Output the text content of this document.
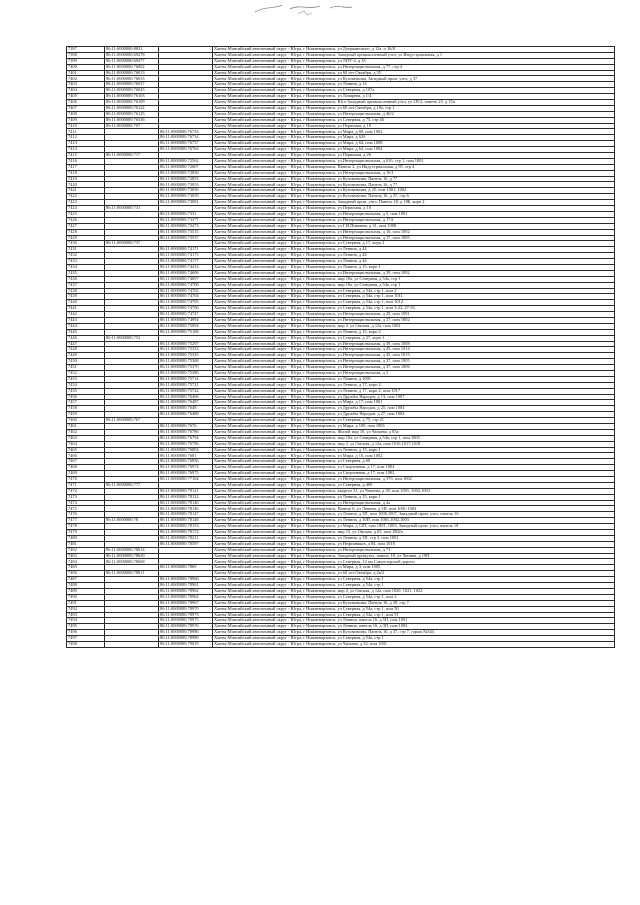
7397	86:11:0000000:8831		Ханты-Мансийский автономный округ - Югра, г Нижневартовск, ул Дзержинского, д 12а, п 16/8
7398	86:11:0000000:69278		Ханты-Мансийский автономный округ - Югра, г Нижневартовск, Западный промышленный узел, ул Индустриальная, д 1
7399	86:11:0000000:69477		Ханты-Мансийский автономный округ - Югра, г Нижневартовск, ул ЛПУ-2, д 33
7400	86:11:0000000:76002		Ханты-Мансийский автономный округ - Югра, г Нижневартовск, ул Интернациональная, д 77, стр 4
7401	86:11:0000000:76013		Ханты-Мансийский автономный округ - Югра, г Нижневартовск, ул 60 лет Октября, д 35
7402	86:11:0000000:76033		Ханты-Мансийский автономный округ - Югра, г Нижневартовск, ул Кузоваткина, Западный пром. узел, д 37
7403	86:11:0000000:76037		Ханты-Мансийский автономный округ - Югра, г Нижневартовск, ул Ленина, д 14
7404	86:11:0000000:76045		Ханты-Мансийский автономный округ - Югра, г Нижневартовск, ул Северная, д 107а
7405	86:11:0000000:76103		Ханты-Мансийский автономный округ - Югра, г Нижневартовск, ул Лопарева, д 1/4
7406	86:11:0000000:76109		Ханты-Мансийский автономный округ - Югра, г Нижневартовск, Юго-Западный промышленный узел, ул 2П-2, панель 25, д 15а
7407	86:11:0000000:76122		Ханты-Мансийский автономный округ - Югра, г Нижневартовск, ул 60 лет Октября, д 18а, стр 1
7408	86:11:0000000:76125		Ханты-Мансийский автономный округ - Югра, г Нижневартовск, ул Интернациональная, д 46/2
7409	86:11:0000000:76536		Ханты-Мансийский автономный округ - Югра, г Нижневартовск, ул Северная, д 75, стр 46
7410	86:11:0000000:707		Ханты-Мансийский автономный округ - Югра, г Нижневартовск, ул Первомая, д 10
7411		86:11:0000000:76733	Ханты-Мансийский автономный округ - Югра, г Нижневартовск, ул Мира, д 60, пом 1002
7412		86:11:0000000:76734	Ханты-Мансийский автономный округ - Югра, г Нижневартовск, ул Мира, д 62б
7413		86:11:0000000:76737	Ханты-Мансийский автономный округ - Югра, г Нижневартовск, ул Мира, д 64, пом 1008
7414		86:11:0000000:76762	Ханты-Мансийский автономный округ - Югра, г Нижневартовск, ул Мира, д 64, пом 1004
7415	86:11:0000000:717		Ханты-Мансийский автономный округ - Югра, г Нижневартовск, ул Первомая, д 26
7416		86:11:0000000:72562	Ханты-Мансийский автономный округ - Югра, г Нижневартовск, ул Интернациональная, д 61б, стр 1, пом 1001
7417		86:11:0000000:72607	Ханты-Мансийский автономный округ - Югра, г Нижневартовск, Панель 2, ул Индустриальная, д 95, стр 4
7418		86:11:0000000:72830	Ханты-Мансийский автономный округ - Югра, г Нижневартовск, ул Интернациональная, д 16/1
7419		86:11:0000000:72853	Ханты-Мансийский автономный округ - Югра, г Нижневартовск, ул Кузоваткина, Панель 16, д 77
7420		86:11:0000000:73053	Ханты-Мансийский автономный округ - Югра, г Нижневартовск, ул Кузоваткина, Панель 16, д 77
7421		86:11:0000000:73056	Ханты-Мансийский автономный округ - Югра, г Нижневартовск, ул Кузоваткина, д 25, пом 1001, 1002
7422		86:11:0000000:73059	Ханты-Мансийский автономный округ - Югра, г Нижневартовск, ул Кузоваткина, Панель 16, д 37, стр 6
7423		86:11:0000000:73081	Ханты-Мансийский автономный округ - Югра, г Нижневартовск, Западный пром. узел, Панель 18, д 18Б, корп 2
7424	86:11:0000000:731		Ханты-Мансийский автономный округ - Югра, г Нижневартовск, ул Первомая, д 10
7425		86:11:0000000:7331	Ханты-Мансийский автономный округ - Югра, г Нижневартовск, ул Интернациональная, д 5, пом 1001
7426		86:11:0000000:73377	Ханты-Мансийский автономный округ - Югра, г Нижневартовск, ул Интернациональная, д 17А
7427		86:11:0000000:73473	Ханты-Мансийский автономный округ - Югра, г Нижневартовск, ул Г.И.Пикмана, д 31, пом 1008
7428		86:11:0000000:73515	Ханты-Мансийский автономный округ - Югра, г Нижневартовск, ул Интернациональная, д 16, пом 1002
7429		86:11:0000000:73537	Ханты-Мансийский автономный округ - Югра, г Нижневартовск, ул Интернациональная, д 17, пом 1005
7430	86:11:0000000:737		Ханты-Мансийский автономный округ - Югра, г Нижневартовск, ул Северная, д 17, корп 2
7431		86:11:0000000:74171	Ханты-Мансийский автономный округ - Югра, г Нижневартовск, ул Ленина, д 44
7432		86:11:0000000:74173	Ханты-Мансийский автономный округ - Югра, г Нижневартовск, ул Ленина, д 44
7433		86:11:0000000:74177	Ханты-Мансийский автономный округ - Югра, г Нижневартовск, ул Ленина, д 44
7434		86:11:0000000:74414	Ханты-Мансийский автономный округ - Югра, г Нижневартовск, ул Ленина, д 15, корп 1
7435		86:11:0000000:74606	Ханты-Мансийский автономный округ - Югра, г Нижневартовск, ул Интернациональная, д 29, пом 1092
7436		86:11:0000000:74697	Ханты-Мансийский автономный округ - Югра, г Нижневартовск, мкр 10а, ул Северная, д 54а, стр 1
7437		86:11:0000000:74700	Ханты-Мансийский автономный округ - Югра, г Нижневартовск, мкр 10а, ул Северная, д 54а, стр 1
7438		86:11:0000000:74702	Ханты-Мансийский автономный округ - Югра, г Нижневартовск, ул Северная, д 54а, стр 1, пом 2
7439		86:11:0000000:74704	Ханты-Мансийский автономный округ - Югра, г Нижневартовск, ул Северная, д 54а, стр 1, пом 1011
7440		86:11:0000000:74705	Ханты-Мансийский автономный округ - Югра, г Нижневартовск, ул Северная, д 54а, стр 1, пом 1012
7441		86:11:0000000:74706	Ханты-Мансийский автономный округ - Югра, г Нижневартовск, ул Северная, д 54а, стр 1, пом 3-22, 27-33
7442		86:11:0000000:74747	Ханты-Мансийский автономный округ - Югра, г Нижневартовск, ул Интернациональная, д 29, пом 1091
7443		86:11:0000000:74994	Ханты-Мансийский автономный округ - Югра, г Нижневартовск, ул Интернациональная, д 37, пом 1002
7444		86:11:0000000:75094	Ханты-Мансийский автономный округ - Югра, г Нижневартовск, мкр 2, ул Омская, д 12а, пом 1002
7445		86:11:0000000:75108	Ханты-Мансийский автономный округ - Югра, г Нижневартовск, ул Ленина, д 15, корп 2
7446	86:11:0000000:752		Ханты-Мансийский автономный округ - Югра, г Нижневартовск, ул Северная, д 27, корп 1
7447		86:11:0000000:75297	Ханты-Мансийский автономный округ - Югра, г Нижневартовск, ул Интернациональная, д 39, пом 1008
7448		86:11:0000000:75333	Ханты-Мансийский автономный округ - Югра, г Нижневартовск, ул Интернациональная, д 45, пом 1014
7449		86:11:0000000:75335	Ханты-Мансийский автономный округ - Югра, г Нижневартовск, ул Интернациональная, д 45, пом 1015
7450		86:11:0000000:75368	Ханты-Мансийский автономный округ - Югра, г Нижневартовск, ул Интернациональная, д 37, пом 1005
7451		86:11:0000000:75370	Ханты-Мансийский автономный округ - Югра, г Нижневартовск, ул Интернациональная, д 37, пом 1006
7452		86:11:0000000:75386	Ханты-Мансийский автономный округ - Югра, г Нижневартовск, ул Интернациональная, д 2
7453		86:11:0000000:75714	Ханты-Мансийский автономный округ - Югра, г Нижневартовск, ул Ленина, д 1001
7454		86:11:0000000:75721	Ханты-Мансийский автономный округ - Югра, г Нижневартовск, ул Ленина, д 17, корп 2
7455		86:11:0000000:75722	Ханты-Мансийский автономный округ - Югра, г Нижневартовск, ул Ленина, д 17, корп 2, пом 1017
7456		86:11:0000000:76466	Ханты-Мансийский автономный округ - Югра, г Нижневартовск, ул Дружбы Народов, д 13, пом 1007
7457		86:11:0000000:76487	Ханты-Мансийский автономный округ - Югра, г Нижневартовск, ул Мира, д 17, пом 1001
7458		86:11:0000000:7648	Ханты-Мансийский автономный округ - Югра, г Нижневартовск, ул Дружбы Народов, д 25, пом 1004
7459		86:11:0000000:76488	Ханты-Мансийский автономный округ - Югра, г Нижневартовск, ул Дружбы Народов, д 27, пом 1004
7460	86:11:0000000:767		Ханты-Мансийский автономный округ - Югра, г Нижневартовск, ул Северная, д 75, стр 21
7461		86:11:0000000:7676	Ханты-Мансийский автономный округ - Югра, г Нижневартовск, ул Мира, д 100, пом 1003
7462		86:11:0000000:76786	Ханты-Мансийский автономный округ - Югра, г Нижневартовск, Жилой мкр 10, ул Чапаева, д 83а
7463		86:11:0000000:76794	Ханты-Мансийский автономный округ - Югра, г Нижневартовск, мкр 10а, ул Северная, д 54а, стр 1, пом 1005
7464		86:11:0000000:76796	Ханты-Мансийский автономный округ - Югра, г Нижневартовск, мкр 2, ул Омская, д 12а, пом 1016,1017,1018
7465		86:11:0000000:76804	Ханты-Мансийский автономный округ - Югра, г Нижневартовск, ул Ленина, д 15, корп 1
7466		86:11:0000000:7681	Ханты-Мансийский автономный округ - Югра, г Нижневартовск, ул Мира, д 10, пом 1002
7467		86:11:0000000:76856	Ханты-Мансийский автономный округ - Югра, г Нижневартовск, ул Северная, д 60
7468		86:11:0000000:76974	Ханты-Мансийский автономный округ - Югра, г Нижневартовск, ул Спортивная, д 17, пом 1004
7469		86:11:0000000:76975	Ханты-Мансийский автономный округ - Югра, г Нижневартовск, ул Спортивная, д 17, пом 1002
7470		86:11:0000000:77164	Ханты-Мансийский автономный округ - Югра, г Нижневартовск, ул Интернациональная, д 37б, пом 1002
7471	86:11:0000000:777		Ханты-Мансийский автономный округ - Югра, г Нижневартовск, ул Северная, д 40б
7472		86:11:0000000:78121	Ханты-Мансийский автономный округ - Югра, г Нижневартовск, квартал 31, ул Чапаева, д 38, пом 1001, 1002,1003
7473		86:11:0000000:78122	Ханты-Мансийский автономный округ - Югра, г Нижневартовск, ул Ленина, д 15, корп 1
7474		86:11:0000000:78140	Ханты-Мансийский автономный округ - Югра, г Нижневартовск, ул Интернациональная, д 4а
7475		86:11:0000000:78146	Ханты-Мансийский автономный округ - Югра, г Нижневартовск, Панель 6, ул Ленина, д 3П, пом 1001-1003
7476		86:11:0000000:78147	Ханты-Мансийский автономный округ - Югра, г Нижневартовск, ул Ленина, д 3П, пом 1006,1007, Западный пром. узел, панель 16
7477	86:11:0000000:78	86:11:0000000:78148	Ханты-Мансийский автономный округ - Югра, г Нижневартовск, ул Ленина, д 10П, пом 1001,1002,1003
7478		86:11:0000000:78153	Ханты-Мансийский автономный округ - Югра, г Нижневартовск, ул Мира, д 12П, пом 1001, 1003, Западный пром. узел, панель 18
7479		86:11:0000000:78172	Ханты-Мансийский автономный округ - Югра, г Нижневартовск, мкр 15, ул Омская, д 65, пом 1002а
7480		86:11:0000000:78211	Ханты-Мансийский автономный округ - Югра, г Нижневартовск, ул Ленина, д 3П, стр 3, пом 1001
7481		86:11:0000000:78597	Ханты-Мансийский автономный округ - Югра, г Нижневартовск, ул Нефтяников, д 84, пом 1018
7482	86:11:0000000:78614		Ханты-Мансийский автономный округ - Югра, г Нижневартовск, ул Интернациональная, д 71
7483	86:11:0000000:78629		Ханты-Мансийский автономный округ - Югра, г Нижневартовск, Западный промузел, панель 18, ул Ленина, д 19П
7484	86:11:0000000:78668		Ханты-Мансийский автономный округ - Югра, г Нижневартовск, ул Северная, 12 км Самотлорской дороги
7485		86:11:0000000:7869	Ханты-Мансийский автономный округ - Югра, г Нижневартовск, ул Мира, д 3, пом 1005
7486	86:11:0000000:78811		Ханты-Мансийский автономный округ - Югра, г Нижневартовск, ул 60 лет Октября, д 2в/2
7487		86:11:0000000:78960	Ханты-Мансийский автономный округ - Югра, г Нижневартовск, ул Северная, д 54а, стр 1
7488		86:11:0000000:78961	Ханты-Мансийский автономный округ - Югра, г Нижневартовск, ул Северная, д 54а, стр 1
7489		86:11:0000000:78962	Ханты-Мансийский автономный округ - Югра, г Нижневартовск, мкр 2, ул Омская, д 12а, пом 1020, 1021, 1022
7490		86:11:0000000:78964	Ханты-Мансийский автономный округ - Югра, г Нижневартовск, ул Северная, д 54а, стр 1, пом 2
7491		86:11:0000000:78967	Ханты-Мансийский автономный округ - Югра, г Нижневартовск, ул Кузоваткина, Панель 16, д 39, стр 7
7492		86:11:0000000:78970	Ханты-Мансийский автономный округ - Югра, г Нижневартовск, ул Северная, д 54а, стр 1, пом 50
7493		86:11:0000000:78973	Ханты-Мансийский автономный округ - Югра, г Нижневартовск, ул Северная, д 54а, стр 1, пом 51
7494		86:11:0000000:78975	Ханты-Мансийский автономный округ - Югра, г Нижневартовск, ул Ленина, панель 16, д 5П, пом 1001
7495		86:11:0000000:78976	Ханты-Мансийский автономный округ - Югра, г Нижневартовск, ул Ленина, панель 16, д 3П, пом 1003
7496		86:11:0000000:78986	Ханты-Мансийский автономный округ - Югра, г Нижневартовск, ул Кузоваткина, Панель 16, д 37, стр 7, гараж №344
7497		86:11:0000000:78989	Ханты-Мансийский автономный округ - Югра, г Нижневартовск, ул Северная, д 54а, стр 1
7498		86:11:0000000:79019	Ханты-Мансийский автономный округ - Югра, г Нижневартовск, ул Чапаева, д 32, пом 1001
